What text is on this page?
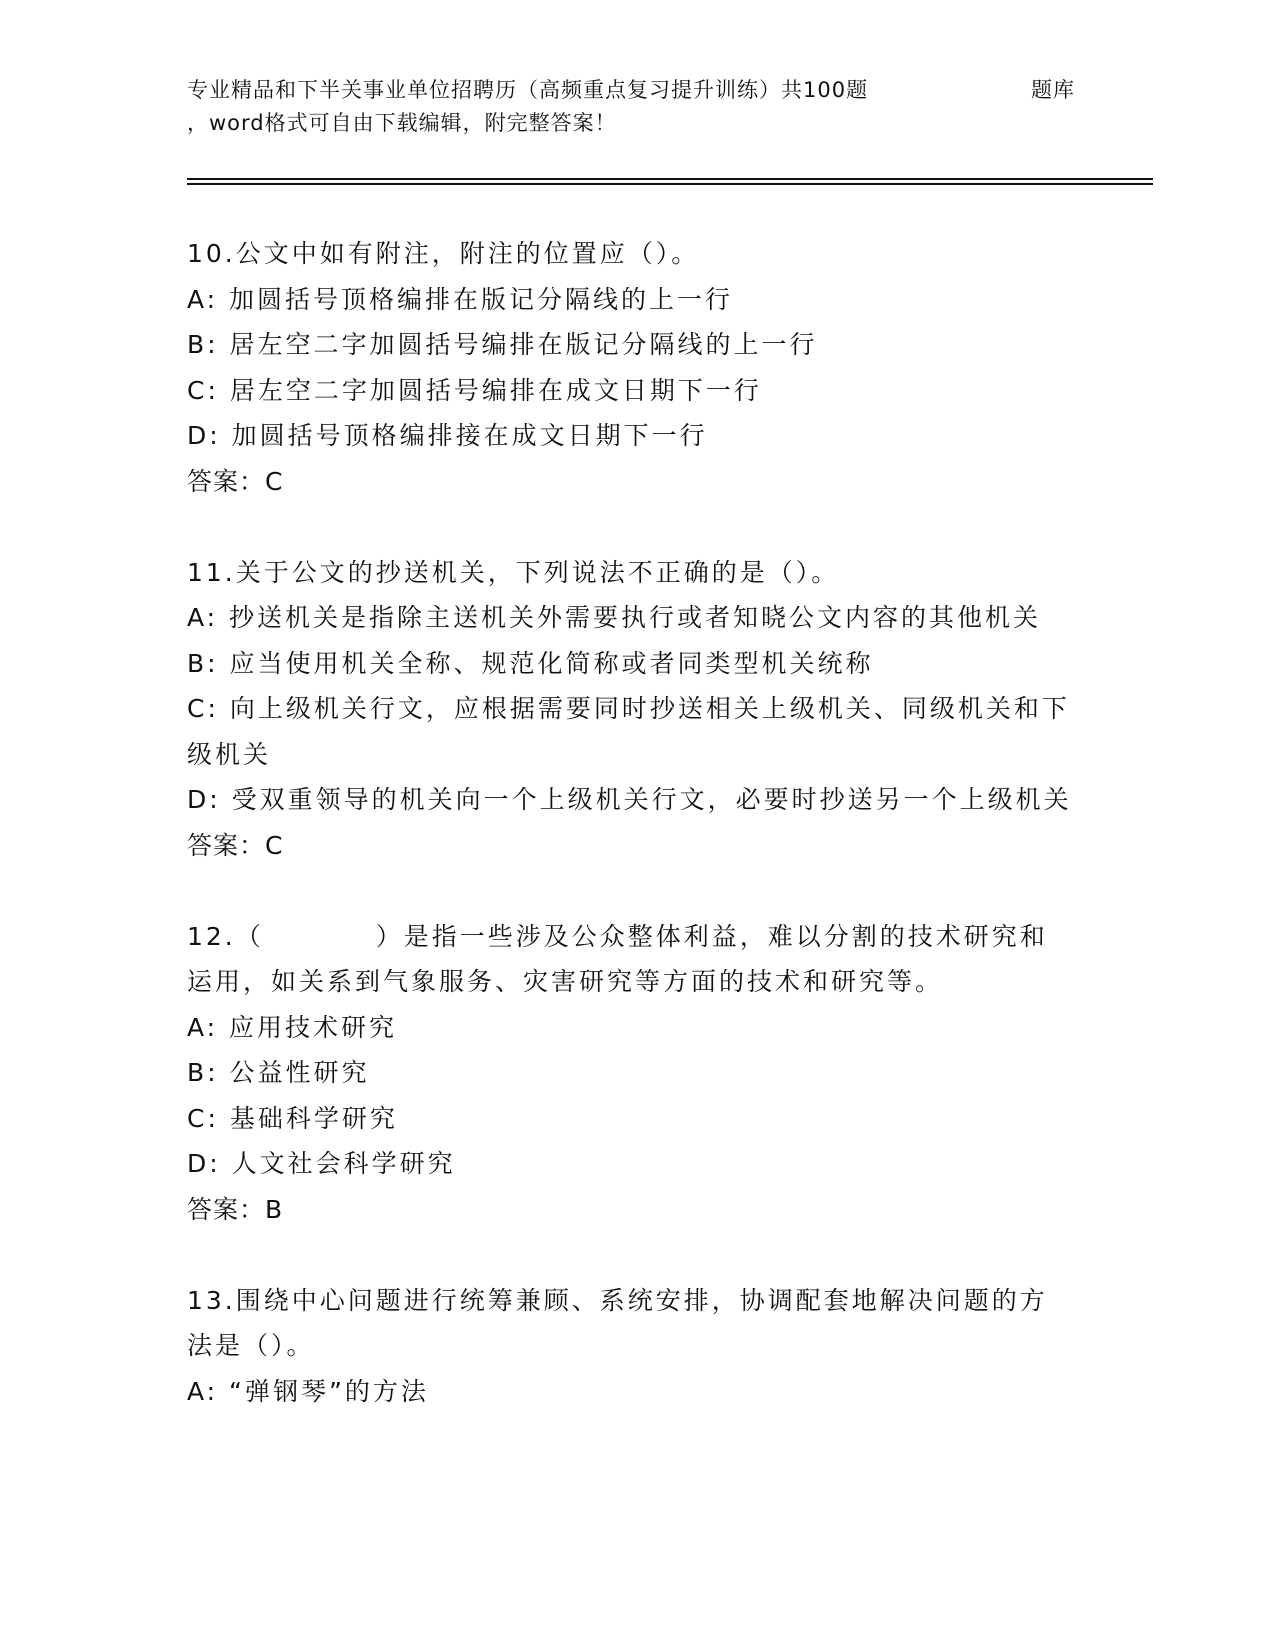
专业精品和下半关事业单位招聘历（高频重点复习提升训练）共100题	题库
，word格式可自由下载编辑，附完整答案！
10.公文中如有附注，附注的位置应（）。
A: 加圆括号顶格编排在版记分隔线的上一行
B: 居左空二字加圆括号编排在版记分隔线的上一行
C: 居左空二字加圆括号编排在成文日期下一行
D: 加圆括号顶格编排接在成文日期下一行
答案：C
11.关于公文的抄送机关，下列说法不正确的是（）。
A: 抄送机关是指除主送机关外需要执行或者知晓公文内容的其他机关
B: 应当使用机关全称、规范化简称或者同类型机关统称
C: 向上级机关行文，应根据需要同时抄送相关上级机关、同级机关和下级机关
D: 受双重领导的机关向一个上级机关行文，必要时抄送另一个上级机关
答案：C
12.（　　　　）是指一些涉及公众整体利益，难以分割的技术研究和运用，如关系到气象服务、灾害研究等方面的技术和研究等。
A: 应用技术研究
B: 公益性研究
C: 基础科学研究
D: 人文社会科学研究
答案：B
13.围绕中心问题进行统筹兼顾、系统安排，协调配套地解决问题的方法是（）。
A: “弹钢琴”的方法
